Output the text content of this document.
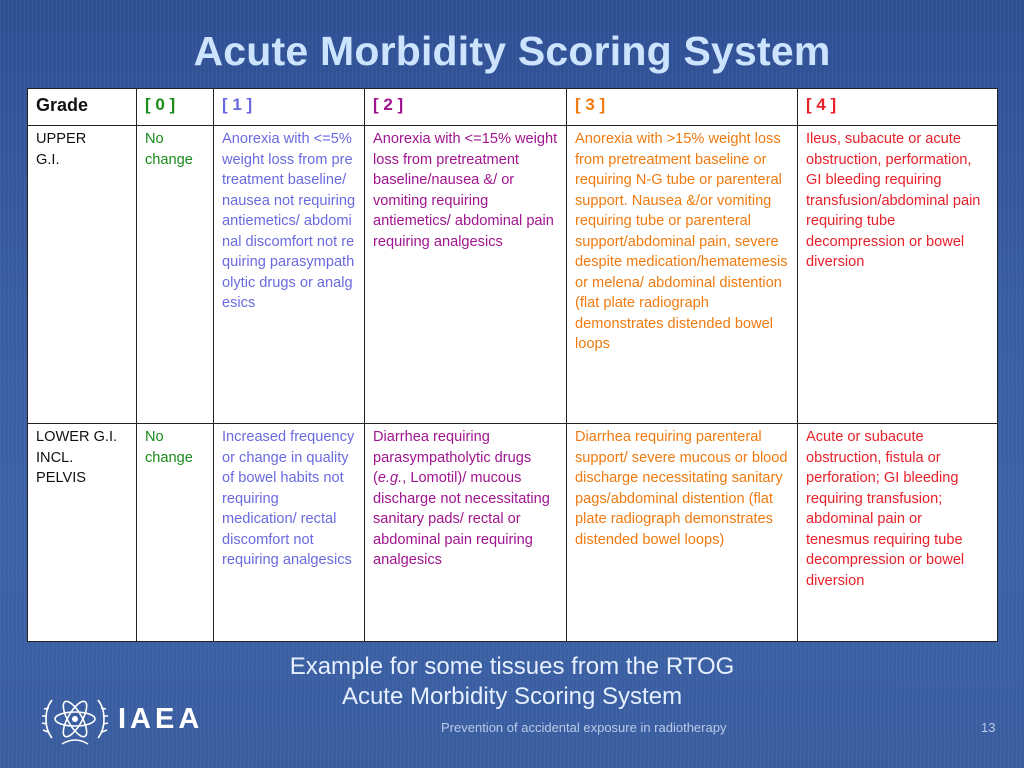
Acute Morbidity Scoring System
Grade	[ 0 ]	[ 1 ]	[ 2 ]	[ 3 ]	[ 4 ]

UPPER G.I.	No change	Anorexia with <=5% weight loss from pretreatment baseline/ nausea not requiring antiemetics/ abdominal discomfort not requiring parasympatholytic drugs or analgesics	Anorexia with <=15% weight loss from pretreatment baseline/nausea &/ or vomiting requiring antiemetics/ abdominal pain requiring analgesics	Anorexia with >15% weight loss from pretreatment baseline or requiring N-G tube or parenteral support. Nausea &/or vomiting requiring tube or parenteral support/abdominal pain, severe despite medication/hematemesis or melena/ abdominal distention (flat plate radiograph demonstrates distended bowel loops	Ileus, subacute or acute obstruction, performation, GI bleeding requiring transfusion/abdominal pain requiring tube decompression or bowel diversion

LOWER G.I. INCL. PELVIS	No change	Increased frequency or change in quality of bowel habits not requiring medication/ rectal discomfort not requiring analgesics	Diarrhea requiring parasympatholytic drugs (e.g., Lomotil)/ mucous discharge not necessitating sanitary pads/ rectal or abdominal pain requiring analgesics	Diarrhea requiring parenteral support/ severe mucous or blood discharge necessitating sanitary pags/abdominal distention (flat plate radiograph demonstrates distended bowel loops)	Acute or subacute obstruction, fistula or perforation; GI bleeding requiring transfusion; abdominal pain or tenesmus requiring tube decompression or bowel diversion
Example for some tissues from the RTOG
Acute Morbidity Scoring System
IAEA	Prevention of accidental exposure in radiotherapy	13
